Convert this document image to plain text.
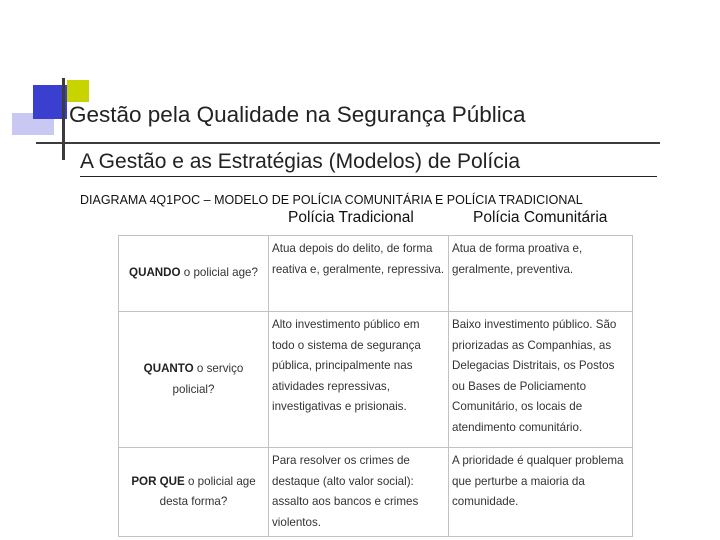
Gestão pela Qualidade na Segurança Pública
A Gestão e as Estratégias (Modelos) de Polícia
DIAGRAMA 4Q1POC – MODELO DE POLÍCIA COMUNITÁRIA E POLÍCIA TRADICIONAL
Polícia Tradicional	Polícia Comunitária
QUANDO o policial age?	Atua depois do delito, de forma reativa e, geralmente, repressiva.	Atua de forma proativa e, geralmente, preventiva.
QUANTO o serviço policial?	Alto investimento público em todo o sistema de segurança pública, principalmente nas atividades repressivas, investigativas e prisionais.	Baixo investimento público. São priorizadas as Companhias, as Delegacias Distritais, os Postos ou Bases de Policiamento Comunitário, os locais de atendimento comunitário.
POR QUE o policial age desta forma?	Para resolver os crimes de destaque (alto valor social): assalto aos bancos e crimes violentos.	A prioridade é qualquer problema que perturbe a maioria da comunidade.
